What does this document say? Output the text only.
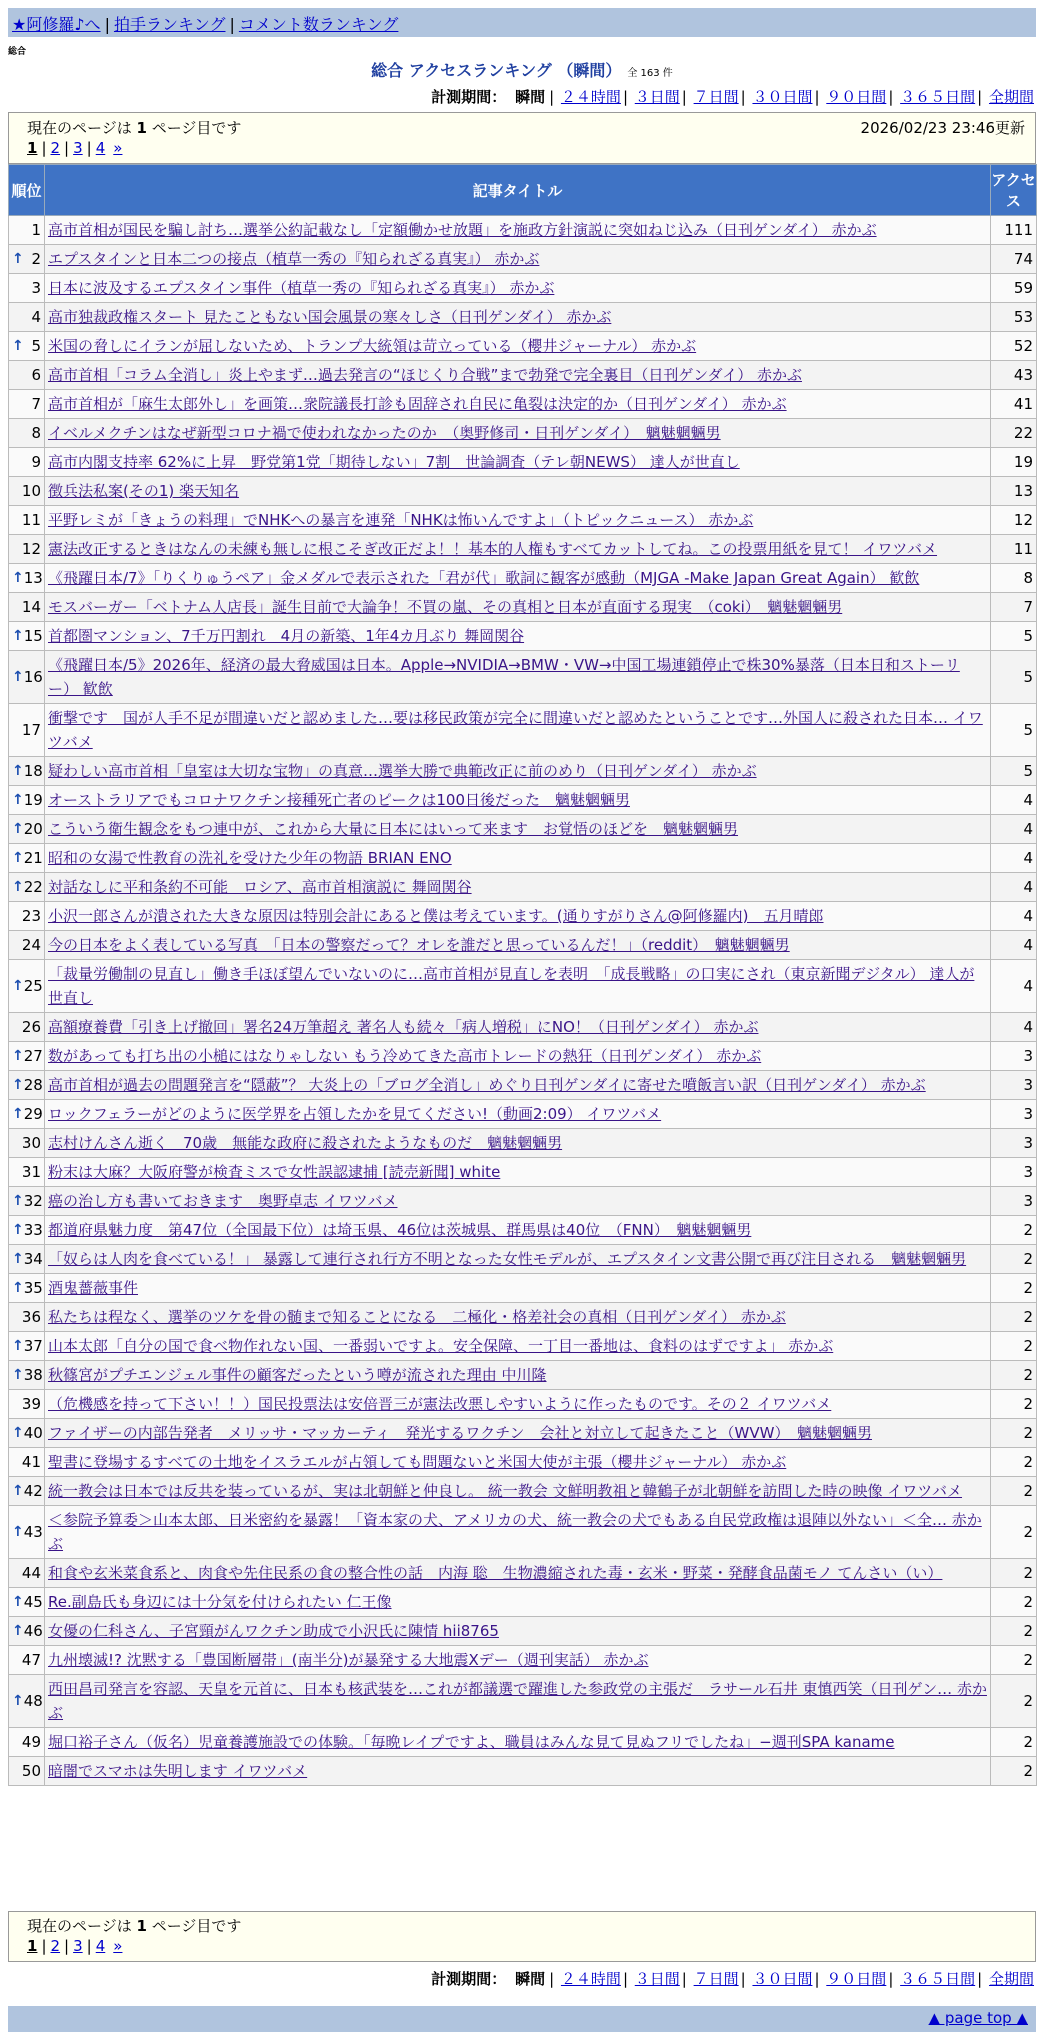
★阿修羅♪へ | 拍手ランキング | コメント数ランキング
総合
総合 アクセスランキング （瞬間） 全 163 件
計測期間： 瞬間 | ２４時間 | ３日間 | ７日間 | ３０日間 | ９０日間 | ３６５日間 | 全期間
現在のページは 1 ページ目です	2026/02/23 23:46更新
1 | 2 | 3 | 4 »
順位	記事タイトル	アクセス
1	高市首相が国民を騙し討ち…選挙公約記載なし「定額働かせ放題」を施政方針演説に突如ねじ込み（日刊ゲンダイ） 赤かぶ	111

↑ 2	エプスタインと日本二つの接点（植草一秀の『知られざる真実』） 赤かぶ	74
3	日本に波及するエプスタイン事件（植草一秀の『知られざる真実』） 赤かぶ	59
4	高市独裁政権スタート 見たこともない国会風景の寒々しさ（日刊ゲンダイ） 赤かぶ	53

↑ 5	米国の脅しにイランが屈しないため、トランプ大統領は苛立っている（櫻井ジャーナル） 赤かぶ	52
6	高市首相「コラム全消し」炎上やまず…過去発言の“ほじくり合戦”まで勃発で完全裏目（日刊ゲンダイ） 赤かぶ	43
7	高市首相が「麻生太郎外し」を画策…衆院議長打診も固辞され自民に亀裂は決定的か（日刊ゲンダイ） 赤かぶ	41
8	イベルメクチンはなぜ新型コロナ禍で使われなかったのか　（奥野修司・日刊ゲンダイ）　魑魅魍魎男	22
9	高市内閣支持率 62%に上昇　野党第1党「期待しない」7割　世論調査（テレ朝NEWS） 達人が世直し	19
10	徴兵法私案(その1) 楽天知名	13
11	平野レミが「きょうの料理」でNHKへの暴言を連発「NHKは怖いんですよ」（トピックニュース） 赤かぶ	12
12	憲法改正するときはなんの未練も無しに根こそぎ改正だよ！！基本的人権もすべてカットしてね。この投票用紙を見て！ イワツバメ	11

↑ 13	《飛躍日本/7》「りくりゅうペア」金メダルで表示された「君が代」歌詞に観客が感動（MJGA -Make Japan Great Again） 歓飲	8
14	モスバーガー「ベトナム人店長」誕生目前で大論争！不買の嵐、その真相と日本が直面する現実　（coki）　魑魅魍魎男	7

↑ 15	首都圏マンション、7千万円割れ　4月の新築、1年4カ月ぶり 舞岡関谷	5

↑ 16	《飛躍日本/5》2026年、経済の最大脅威国は日本。Apple→NVIDIA→BMW・VW→中国工場連鎖停止で株30%暴落（日本日和ストーリー） 歓飲	5
17	衝撃です　国が人手不足が間違いだと認めました…要は移民政策が完全に間違いだと認めたということです…外国人に殺された日本… イワツバメ	5

↑ 18	疑わしい高市首相「皇室は大切な宝物」の真意…選挙大勝で典範改正に前のめり（日刊ゲンダイ） 赤かぶ	5

↑ 19	オーストラリアでもコロナワクチン接種死亡者のピークは100日後だった　魑魅魍魎男	4

↑ 20	こういう衛生観念をもつ連中が、これから大量に日本にはいって来ます　お覚悟のほどを　魑魅魍魎男	4

↑ 21	昭和の女湯で性教育の洗礼を受けた少年の物語 BRIAN ENO	4

↑ 22	対話なしに平和条約不可能　ロシア、高市首相演説に 舞岡関谷	4
23	小沢一郎さんが潰された大きな原因は特別会計にあると僕は考えています。(通りすがりさん@阿修羅内)　五月晴郎	4
24	今の日本をよく表している写真　「日本の警察だって？オレを誰だと思っているんだ！」（reddit）　魑魅魍魎男	4

↑ 25	「裁量労働制の見直し」働き手ほぼ望んでいないのに…高市首相が見直しを表明　「成長戦略」の口実にされ（東京新聞デジタル） 達人が世直し	4
26	高額療養費「引き上げ撤回」署名24万筆超え 著名人も続々「病人増税」にNO！（日刊ゲンダイ） 赤かぶ	4

↑ 27	数があっても打ち出の小槌にはなりゃしない もう冷めてきた高市トレードの熱狂（日刊ゲンダイ） 赤かぶ	3

↑ 28	高市首相が過去の問題発言を“隠蔽”？ 大炎上の「ブログ全消し」めぐり日刊ゲンダイに寄せた噴飯言い訳（日刊ゲンダイ） 赤かぶ	3

↑ 29	ロックフェラーがどのように医学界を占領したかを見てください!（動画2:09） イワツバメ	3
30	志村けんさん逝く　70歳　無能な政府に殺されたようなものだ　魑魅魍魎男	3
31	粉末は大麻？大阪府警が検査ミスで女性誤認逮捕 [読売新聞] white	3

↑ 32	癌の治し方も書いておきます　奥野卓志 イワツバメ	3

↑ 33	都道府県魅力度　第47位（全国最下位）は埼玉県、46位は茨城県、群馬県は40位　（FNN）　魑魅魍魎男	2

↑ 34	「奴らは人肉を食べている！」 暴露して連行され行方不明となった女性モデルが、エプスタイン文書公開で再び注目される　魑魅魍魎男	2

↑ 35	酒鬼薔薇事件	2
36	私たちは程なく、選挙のツケを骨の髄まで知ることになる　二極化・格差社会の真相（日刊ゲンダイ） 赤かぶ	2

↑ 37	山本太郎「自分の国で食べ物作れない国、一番弱いですよ。安全保障、一丁目一番地は、食料のはずですよ」 赤かぶ	2

↑ 38	秋篠宮がプチエンジェル事件の顧客だったという噂が流された理由 中川隆	2
39	（危機感を持って下さい！！）国民投票法は安倍晋三が憲法改悪しやすいように作ったものです。その２ イワツバメ	2

↑ 40	ファイザーの内部告発者　メリッサ・マッカーティ　発光するワクチン　会社と対立して起きたこと（WVW）　魑魅魍魎男	2
41	聖書に登場するすべての土地をイスラエルが占領しても問題ないと米国大使が主張（櫻井ジャーナル） 赤かぶ	2

↑ 42	統一教会は日本では反共を装っているが、実は北朝鮮と仲良し。 統一教会 文鮮明教祖と韓鶴子が北朝鮮を訪問した時の映像 イワツバメ	2

↑ 43	＜参院予算委＞山本太郎、日米密約を暴露！「資本家の犬、アメリカの犬、統一教会の犬でもある自民党政権は退陣以外ない」＜全… 赤かぶ	2
44	和食や玄米菜食系と、肉食や先住民系の食の整合性の話　内海 聡　生物濃縮された毒・玄米・野菜・発酵食品菌モノ てんさい（い）	2

↑ 45	Re.副島氏も身辺には十分気を付けられたい 仁王像	2

↑ 46	女優の仁科さん、子宮頸がんワクチン助成で小沢氏に陳情 hii8765	2
47	九州壊滅!? 沈黙する「豊国断層帯」(南半分)が暴発する大地震Xデー（週刊実話） 赤かぶ	2

↑ 48	西田昌司発言を容認、天皇を元首に、日本も核武装を…これが都議選で躍進した参政党の主張だ　ラサール石井 東慎西笑（日刊ゲン… 赤かぶ	2
49	堀口裕子さん（仮名）児童養護施設での体験。「毎晩レイプですよ、職員はみんな見て見ぬフリでしたね」−週刊SPA kaname	2
50	暗闇でスマホは失明します イワツバメ	2
現在のページは 1 ページ目です
1 | 2 | 3 | 4 »
計測期間： 瞬間 | ２４時間 | ３日間 | ７日間 | ３０日間 | ９０日間 | ３６５日間 | 全期間
▲ page top ▲
